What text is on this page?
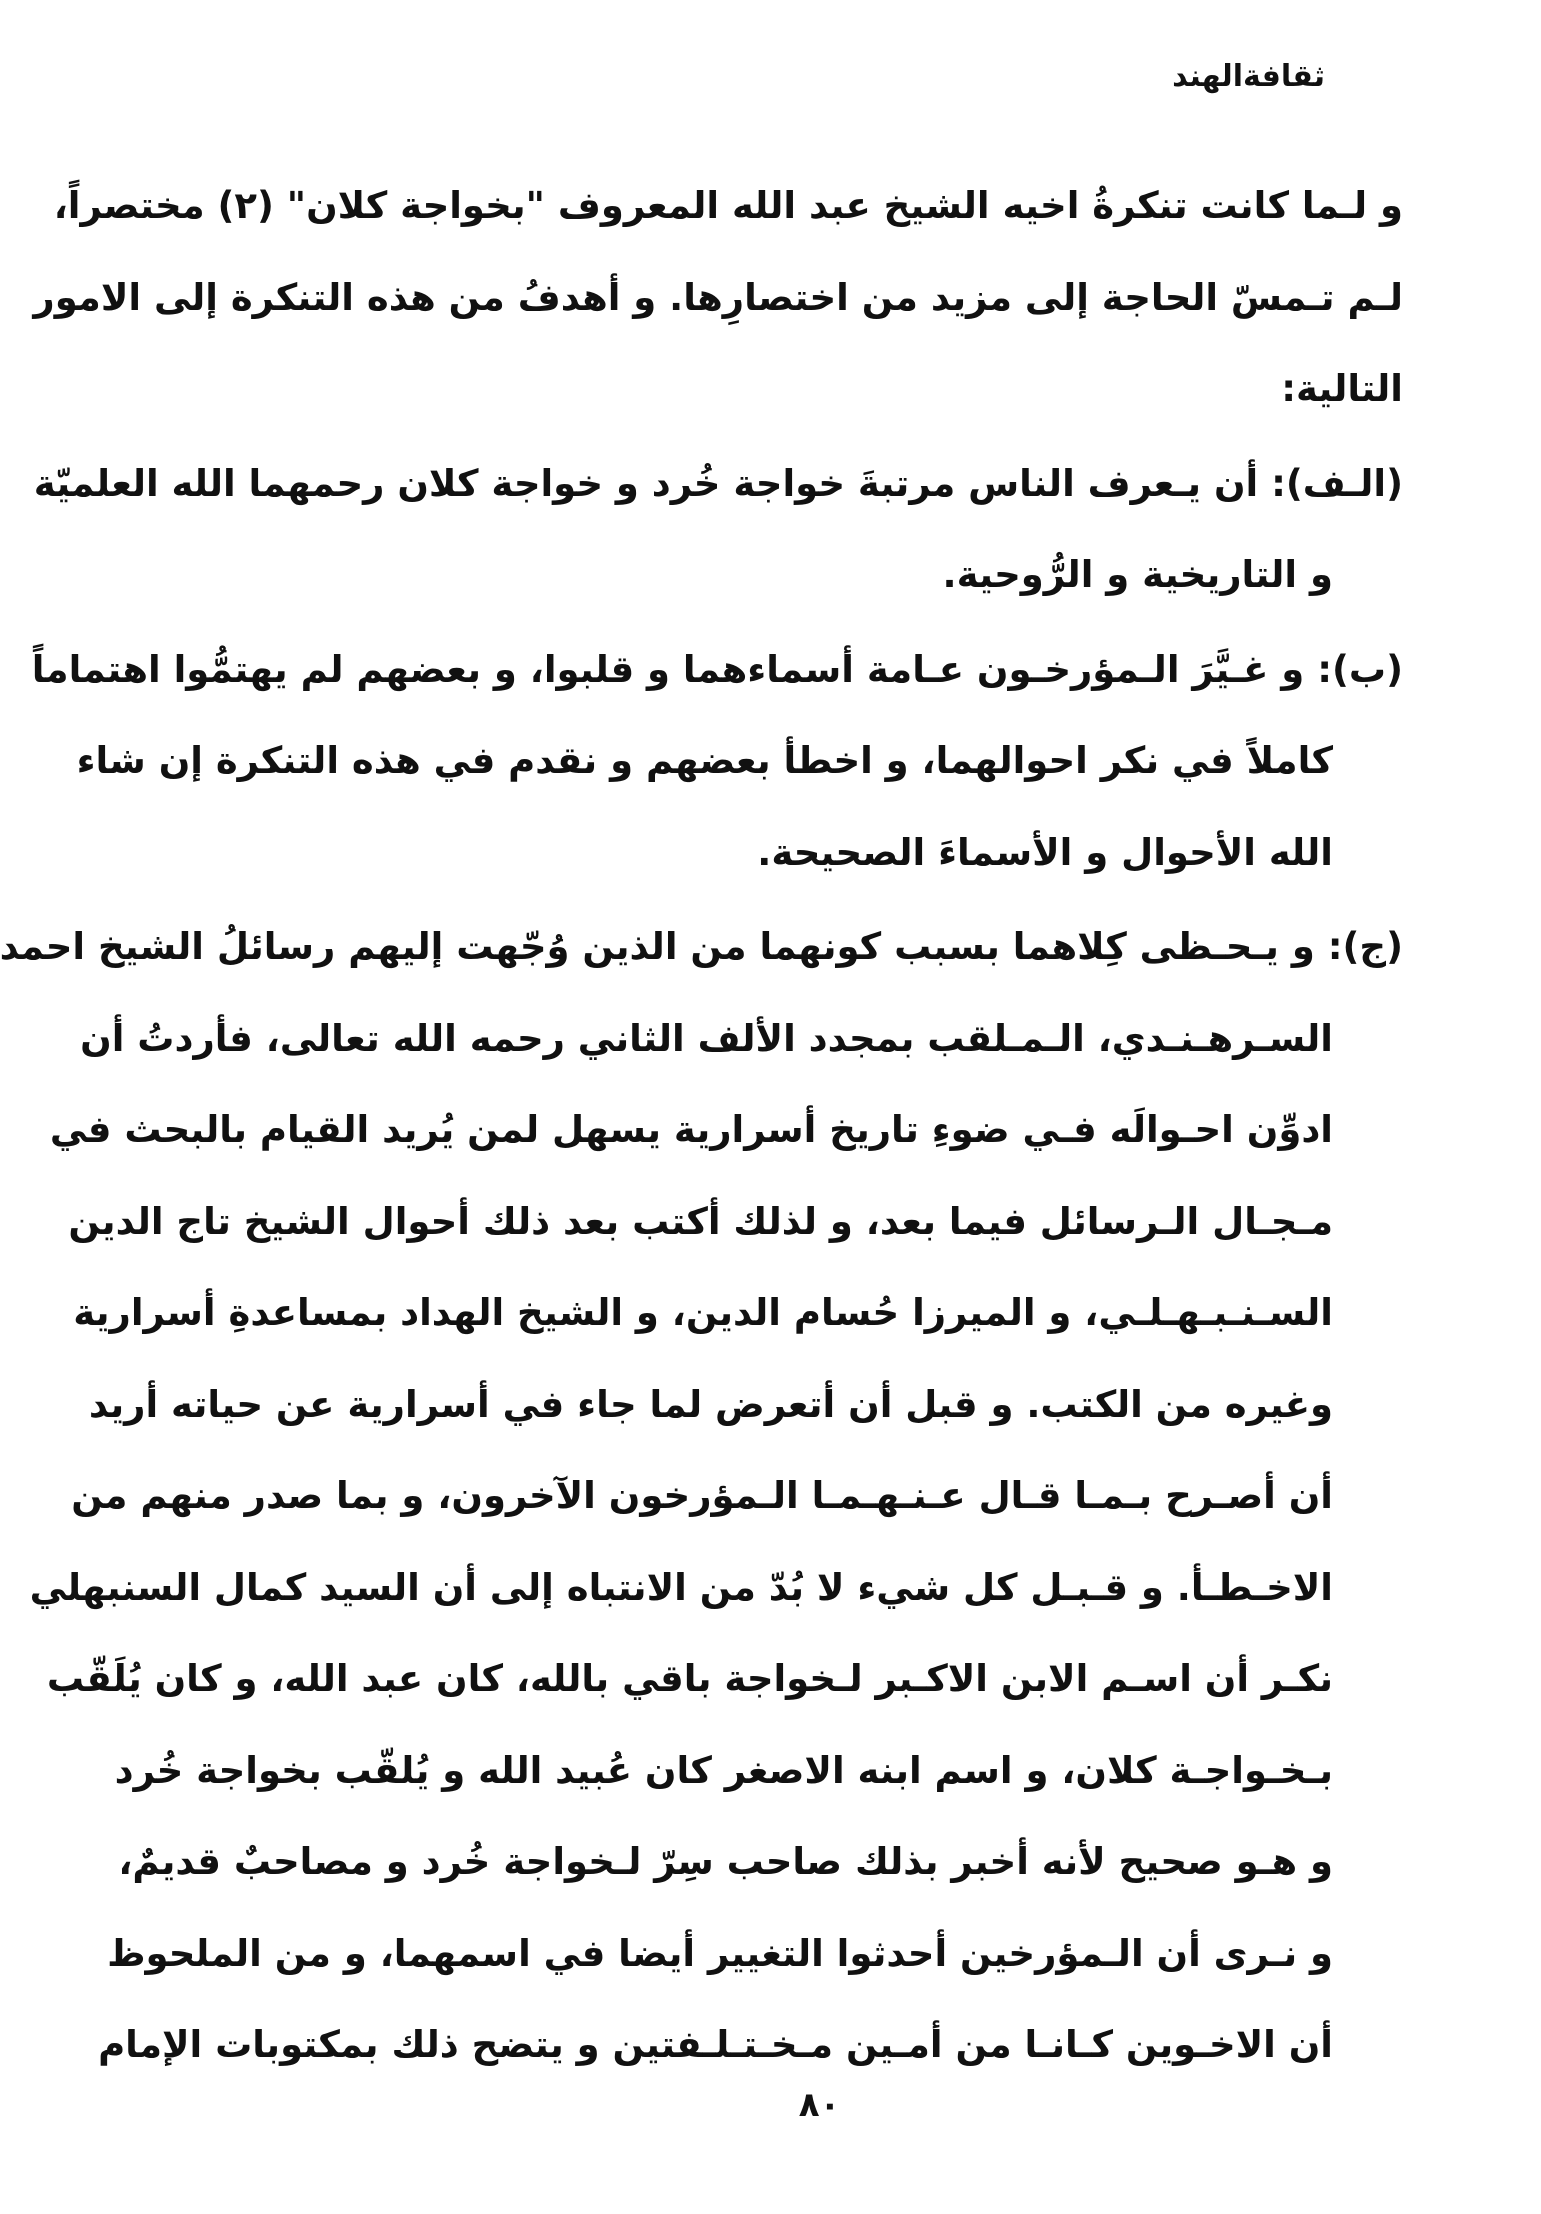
ثقافةالهند

و لـما كانت تنكرةُ اخيه الشيخ عبد الله المعروف "بخواجة كلان" (٢) مختصراً،
لـم تـمسّ الحاجة إلى مزيد من اختصارِها. و أهدفُ من هذه التنكرة إلى الامور
التالية:

(الـف): أن يـعرف الناس مرتبةَ خواجة خُرد و خواجة كلان رحمهما الله العلميّة
و التاريخية و الرُّوحية.

(ب): و غـيَّرَ الـمؤرخـون عـامة أسماءهما و قلبوا، و بعضهم لم يهتمُّوا اهتماماً
كاملاً في نكر احوالهما، و اخطأ بعضهم و نقدم في هذه التنكرة إن شاء
الله الأحوال و الأسماءَ الصحيحة.

(ج): و يـحـظى كِلاهما بسبب كونهما من الذين وُجّهت إليهم رسائلُ الشيخ احمد
السـرهـنـدي، الـمـلقب بمجدد الألف الثاني رحمه الله تعالى، فأردتُ أن
ادوِّن احـوالَه فـي ضوءِ تاريخ أسرارية يسهل لمن يُريد القيام بالبحث في
مـجـال الـرسائل فيما بعد، و لذلك أكتب بعد ذلك أحوال الشيخ تاج الدين
السـنـبـهـلـي، و الميرزا حُسام الدين، و الشيخ الهداد بمساعدةِ أسرارية
وغيره من الكتب. و قبل أن أتعرض لما جاء في أسرارية عن حياته أريد
أن أصـرح بـمـا قـال عـنـهـمـا الـمؤرخون الآخرون، و بما صدر منهم من
الاخـطـأ. و قـبـل كل شيء لا بُدّ من الانتباه إلى أن السيد كمال السنبهلي
نكـر أن اسـم الابن الاكـبر لـخواجة باقي بالله، كان عبد الله، و كان يُلَقّب
بـخـواجـة كلان، و اسم ابنه الاصغر كان عُبيد الله و يُلقّب بخواجة خُرد
و هـو صحيح لأنه أخبر بذلك صاحب سِرّ لـخواجة خُرد و مصاحبٌ قديمٌ،
و نـرى أن الـمؤرخين أحدثوا التغيير أيضا في اسمهما، و من الملحوظ
أن الاخـوين كـانـا من أمـين مـخـتـلـفتين و يتضح ذلك بمكتوبات الإمام

٨٠
